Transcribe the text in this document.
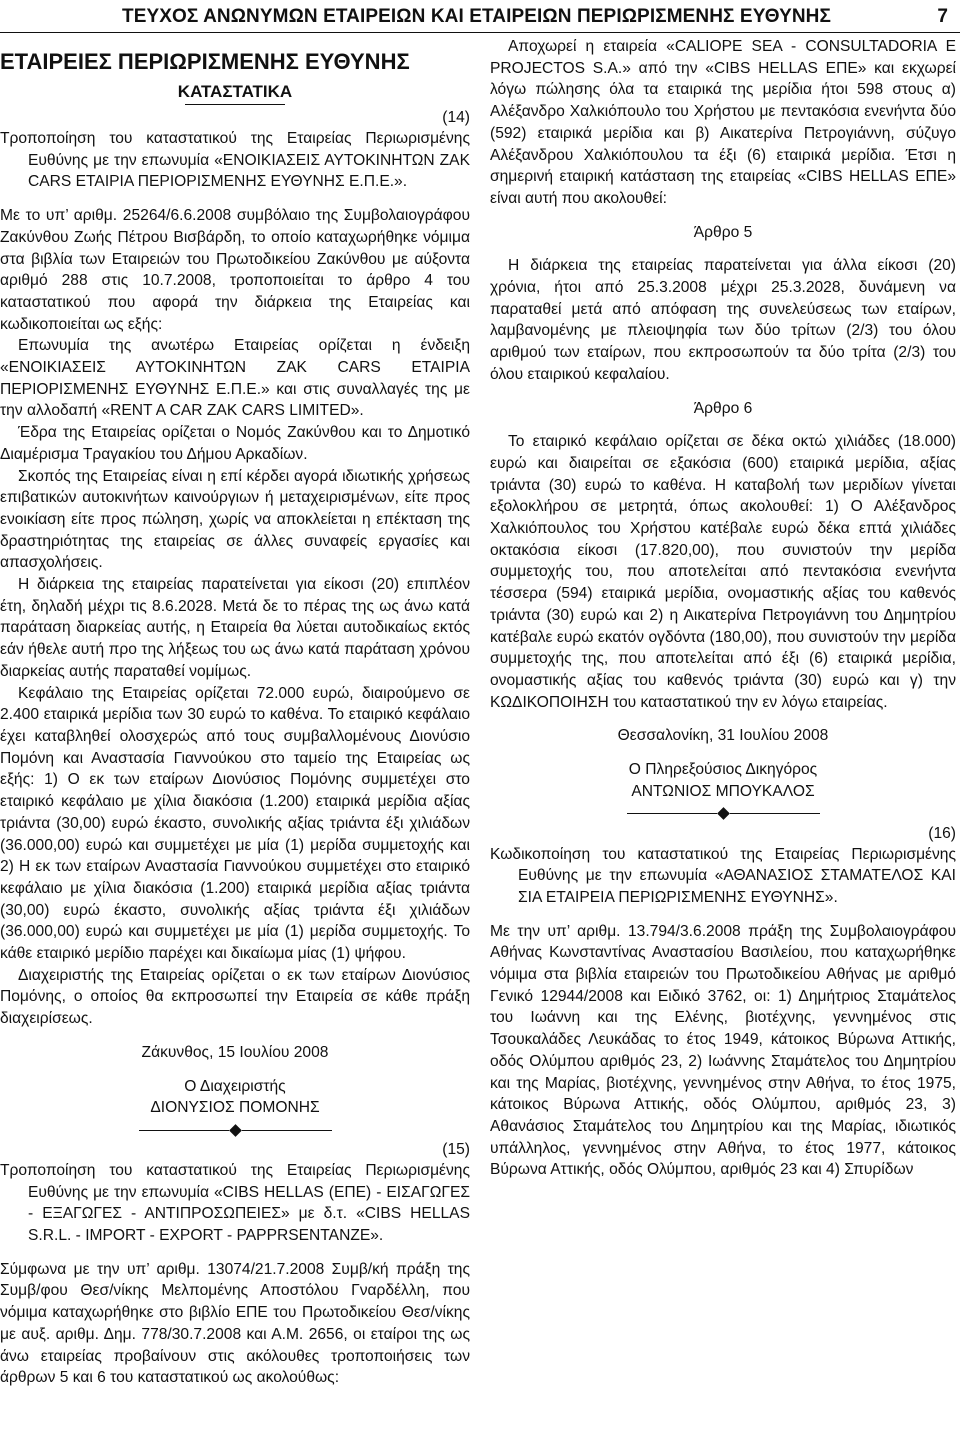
ΤΕΥΧΟΣ ΑΝΩΝΥΜΩΝ ΕΤΑΙΡΕΙΩΝ ΚΑΙ ΕΤΑΙΡΕΙΩΝ ΠΕΡΙΩΡΙΣΜΕΝΗΣ ΕΥΘΥΝΗΣ	7
ΕΤΑΙΡΕΙΕΣ ΠΕΡΙΩΡΙΣΜΕΝΗΣ ΕΥΘΥΝΗΣ
ΚΑΤΑΣΤΑΤΙΚΑ
(14)

Τροποποίηση του καταστατικού της Εταιρείας Περιωρισμένης Ευθύνης με την επωνυμία «ΕΝΟΙΚΙΑΣΕΙΣ ΑΥΤΟΚΙΝΗΤΩΝ ΖΑΚ CARS ΕΤΑΙΡΙΑ ΠΕΡΙΟΡΙΣΜΕΝΗΣ ΕΥΘΥΝΗΣ Ε.Π.Ε.».

Με το υπ’ αριθμ. 25264/6.6.2008 συμβόλαιο της Συμβολαιογράφου Ζακύνθου Ζωής Πέτρου Βισβάρδη, το οποίο καταχωρήθηκε νόμιμα στα βιβλία των Εταιρειών του Πρωτοδικείου Ζακύνθου με αύξοντα αριθμό 288 στις 10.7.2008, τροποποιείται το άρθρο 4 του καταστατικού που αφορά την διάρκεια της Εταιρείας και κωδικοποιείται ως εξής:

Επωνυμία της ανωτέρω Εταιρείας ορίζεται η ένδειξη «ΕΝΟΙΚΙΑΣΕΙΣ ΑΥΤΟΚΙΝΗΤΩΝ ΖΑΚ CARS ΕΤΑΙΡΙΑ ΠΕΡΙΟΡΙΣΜΕΝΗΣ ΕΥΘΥΝΗΣ Ε.Π.Ε.» και στις συναλλαγές της με την αλλοδαπή «RENT A CAR ZAK CARS LIMITED».

Έδρα της Εταιρείας ορίζεται ο Νομός Ζακύνθου και το Δημοτικό Διαμέρισμα Τραγακίου του Δήμου Αρκαδίων.

Σκοπός της Εταιρείας είναι η επί κέρδει αγορά ιδιωτικής χρήσεως επιβατικών αυτοκινήτων καινούργιων ή μεταχειρισμένων, είτε προς ενοικίαση είτε προς πώληση, χωρίς να αποκλείεται η επέκταση της δραστηριότητας της εταιρείας σε άλλες συναφείς εργασίες και απασχολήσεις.

Η διάρκεια της εταιρείας παρατείνεται για είκοσι (20) επιπλέον έτη, δηλαδή μέχρι τις 8.6.2028. Μετά δε το πέρας της ως άνω κατά παράταση διαρκείας αυτής, η Εταιρεία θα λύεται αυτοδικαίως εκτός εάν ήθελε αυτή προ της λήξεως του ως άνω κατά παράταση χρόνου διαρκείας αυτής παραταθεί νομίμως.

Κεφάλαιο της Εταιρείας ορίζεται 72.000 ευρώ, διαιρούμενο σε 2.400 εταιρικά μερίδια των 30 ευρώ το καθένα. Το εταιρικό κεφάλαιο έχει καταβληθεί ολοσχερώς από τους συμβαλλομένους Διονύσιο Πομόνη και Αναστασία Γιαννούκου στο ταμείο της Εταιρείας ως εξής: 1) Ο εκ των εταίρων Διονύσιος Πομόνης συμμετέχει στο εταιρικό κεφάλαιο με χίλια διακόσια (1.200) εταιρικά μερίδια αξίας τριάντα (30,00) ευρώ έκαστο, συνολικής αξίας τριάντα έξι χιλιάδων (36.000,00) ευρώ και συμμετέχει με μία (1) μερίδα συμμετοχής και 2) Η εκ των εταίρων Αναστασία Γιαννούκου συμμετέχει στο εταιρικό κεφάλαιο με χίλια διακόσια (1.200) εταιρικά μερίδια αξίας τριάντα (30,00) ευρώ έκαστο, συνολικής αξίας τριάντα έξι χιλιάδων (36.000,00) ευρώ και συμμετέχει με μία (1) μερίδα συμμετοχής. Το κάθε εταιρικό μερίδιο παρέχει και δικαίωμα μίας (1) ψήφου.

Διαχειριστής της Εταιρείας ορίζεται ο εκ των εταίρων Διονύσιος Πομόνης, ο οποίος θα εκπροσωπεί την Εταιρεία σε κάθε πράξη διαχειρίσεως.

Ζάκυνθος, 15 Ιουλίου 2008

Ο Διαχειριστής

ΔΙΟΝΥΣΙΟΣ ΠΟΜΟΝΗΣ

(15)

Τροποποίηση του καταστατικού της Εταιρείας Περιωρισμένης Ευθύνης με την επωνυμία «CIBS HELLAS (ΕΠΕ) - ΕΙΣΑΓΩΓΕΣ - ΕΞΑΓΩΓΕΣ - ΑΝΤΙΠΡΟΣΩΠΕΙΕΣ» με δ.τ. «CIBS HELLAS S.R.L. - IMPORT - EXPORT - PAPPRSENTANZE».

Σύμφωνα με την υπ’ αριθμ. 13074/21.7.2008 Συμβ/κή πράξη της Συμβ/φου Θεσ/νίκης Μελπομένης Αποστόλου Γναρδέλλη, που νόμιμα καταχωρήθηκε στο βιβλίο ΕΠΕ του Πρωτοδικείου Θεσ/νίκης με αυξ. αριθμ. Δημ. 778/30.7.2008 και Α.Μ. 2656, οι εταίροι της ως άνω εταιρείας προβαίνουν στις ακόλουθες τροποποιήσεις των άρθρων 5 και 6 του καταστατικού ως ακολούθως:

Αποχωρεί η εταιρεία «CALIOPE SEA - CONSULTADORIA E PROJECTOS S.A.» από την «CIBS HELLAS ΕΠΕ» και εκχωρεί λόγω πώλησης όλα τα εταιρικά της μερίδια ήτοι 598 στους α) Αλέξανδρο Χαλκιόπουλο του Χρήστου με πεντακόσια ενενήντα δύο (592) εταιρικά μερίδια και β) Αικατερίνα Πετρογιάννη, σύζυγο Αλέξανδρου Χαλκιόπουλου τα έξι (6) εταιρικά μερίδια. Έτσι η σημερινή εταιρική κατάσταση της εταιρείας «CIBS HELLAS ΕΠΕ» είναι αυτή που ακολουθεί:

Άρθρο 5

Η διάρκεια της εταιρείας παρατείνεται για άλλα είκοσι (20) χρόνια, ήτοι από 25.3.2008 μέχρι 25.3.2028, δυνάμενη να παραταθεί μετά από απόφαση της συνελεύσεως των εταίρων, λαμβανομένης με πλειοψηφία των δύο τρίτων (2/3) του όλου αριθμού των εταίρων, που εκπροσωπούν τα δύο τρίτα (2/3) του όλου εταιρικού κεφαλαίου.

Άρθρο 6

Το εταιρικό κεφάλαιο ορίζεται σε δέκα οκτώ χιλιάδες (18.000) ευρώ και διαιρείται σε εξακόσια (600) εταιρικά μερίδια, αξίας τριάντα (30) ευρώ το καθένα. Η καταβολή των μεριδίων γίνεται εξολοκλήρου σε μετρητά, όπως ακολουθεί: 1) Ο Αλέξανδρος Χαλκιόπουλος του Χρήστου κατέβαλε ευρώ δέκα επτά χιλιάδες οκτακόσια είκοσι (17.820,00), που συνιστούν την μερίδα συμμετοχής του, που αποτελείται από πεντακόσια ενενήντα τέσσερα (594) εταιρικά μερίδια, ονομαστικής αξίας του καθενός τριάντα (30) ευρώ και 2) η Αικατερίνα Πετρογιάννη του Δημητρίου κατέβαλε ευρώ εκατόν ογδόντα (180,00), που συνιστούν την μερίδα συμμετοχής της, που αποτελείται από έξι (6) εταιρικά μερίδια, ονομαστικής αξίας του καθενός τριάντα (30) ευρώ και γ) την ΚΩΔΙΚΟΠΟΙΗΣΗ του καταστατικού την εν λόγω εταιρείας.

Θεσσαλονίκη, 31 Ιουλίου 2008

Ο Πληρεξούσιος Δικηγόρος

ΑΝΤΩΝΙΟΣ ΜΠΟΥΚΑΛΟΣ

(16)

Κωδικοποίηση του καταστατικού της Εταιρείας Περιωρισμένης Ευθύνης με την επωνυμία «ΑΘΑΝΑΣΙΟΣ ΣΤΑΜΑΤΕΛΟΣ ΚΑΙ ΣΙΑ ΕΤΑΙΡΕΙΑ ΠΕΡΙΩΡΙΣΜΕΝΗΣ ΕΥΘΥΝΗΣ».

Με την υπ’ αριθμ. 13.794/3.6.2008 πράξη της Συμβολαιογράφου Αθήνας Κωνσταντίνας Αναστασίου Βασιλείου, που καταχωρήθηκε νόμιμα στα βιβλία εταιρειών του Πρωτοδικείου Αθήνας με αριθμό Γενικό 12944/2008 και Ειδικό 3762, οι: 1) Δημήτριος Σταμάτελος του Ιωάννη και της Ελένης, βιοτέχνης, γεννημένος στις Τσουκαλάδες Λευκάδας το έτος 1949, κάτοικος Βύρωνα Αττικής, οδός Ολύμπου αριθμός 23, 2) Ιωάννης Σταμάτελος του Δημητρίου και της Μαρίας, βιοτέχνης, γεννημένος στην Αθήνα, το έτος 1975, κάτοικος Βύρωνα Αττικής, οδός Ολύμπου, αριθμός 23, 3) Αθανάσιος Σταμάτελος του Δημητρίου και της Μαρίας, ιδιωτικός υπάλληλος, γεννημένος στην Αθήνα, το έτος 1977, κάτοικος Βύρωνα Αττικής, οδός Ολύμπου, αριθμός 23 και 4) Σπυρίδων
